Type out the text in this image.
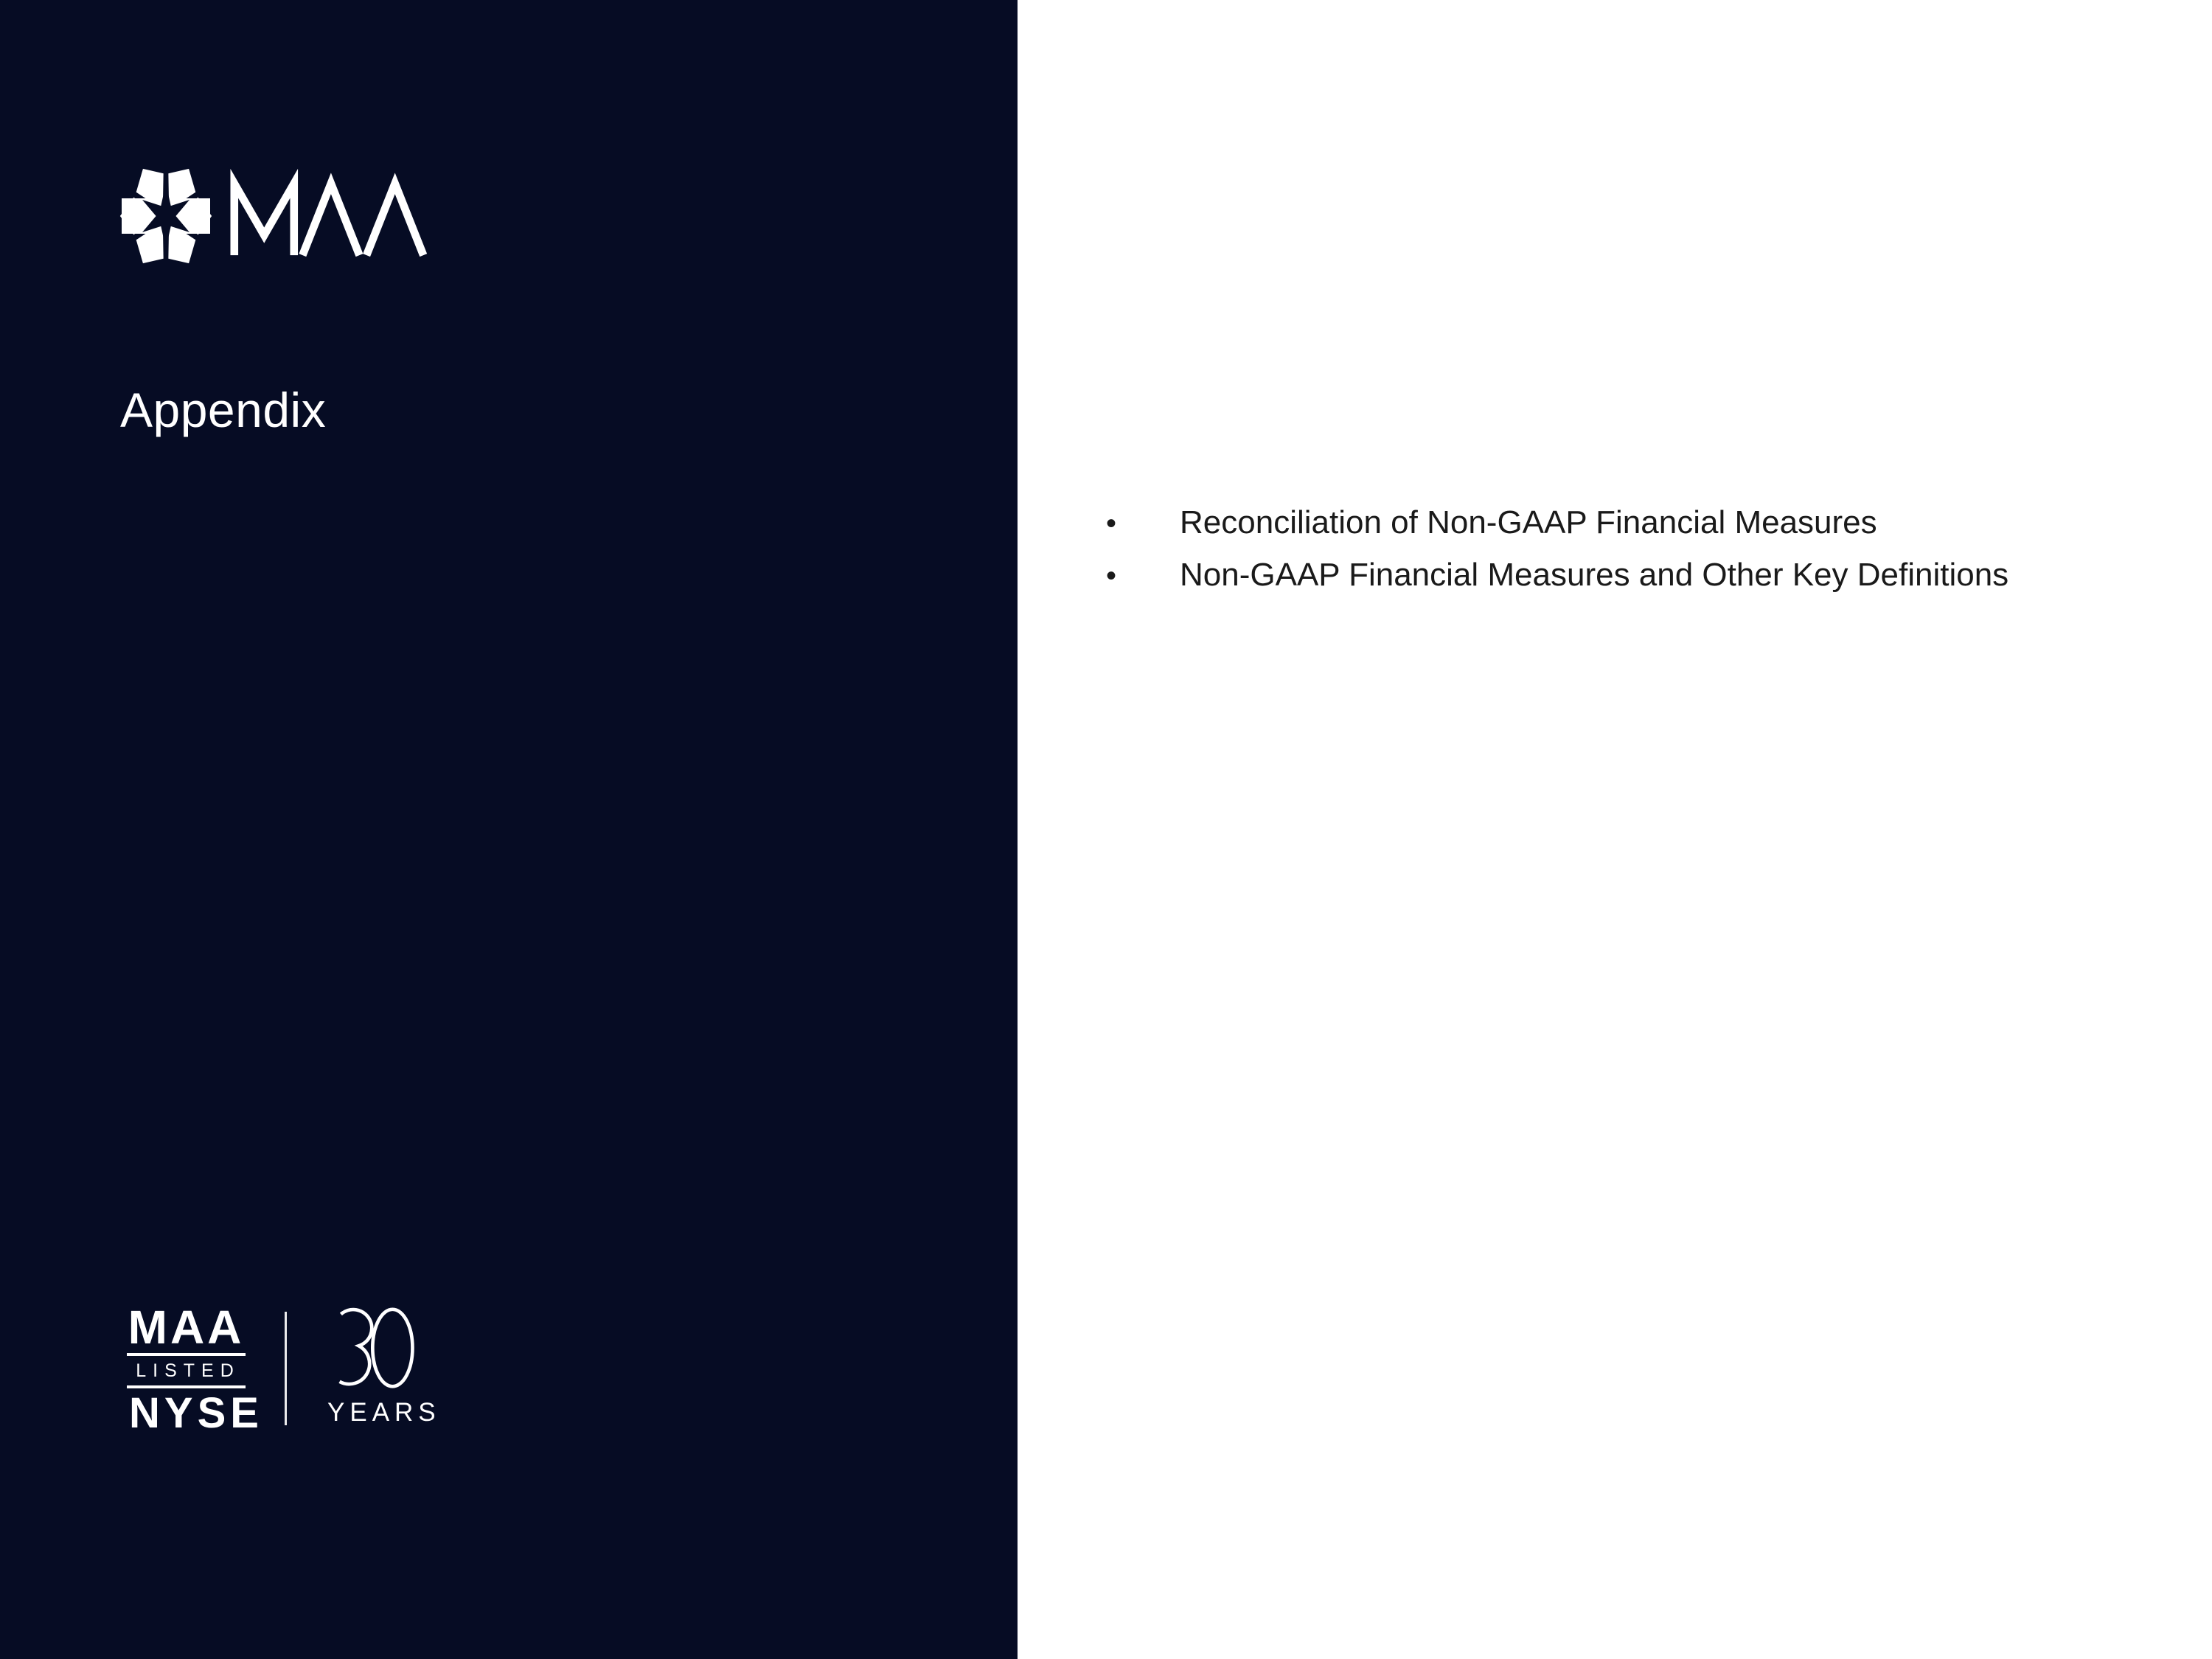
Appendix
MAA
LISTED
NYSE YEARS
• Reconciliation of Non-GAAP Financial Measures
• Non-GAAP Financial Measures and Other Key Definitions
